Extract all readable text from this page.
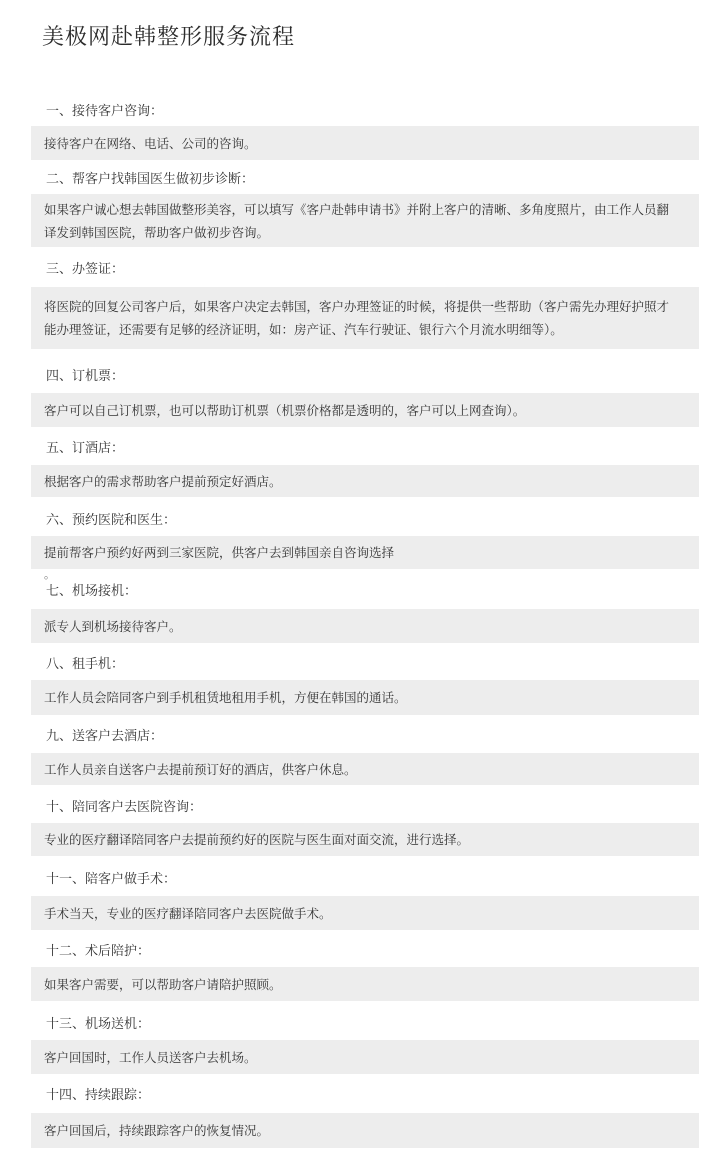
美极网赴韩整形服务流程
一、接待客户咨询：
接待客户在网络、电话、公司的咨询。
二、帮客户找韩国医生做初步诊断：
如果客户诚心想去韩国做整形美容，可以填写《客户赴韩申请书》并附上客户的清晰、多角度照片，由工作人员翻译发到韩国医院，帮助客户做初步咨询。
三、办签证：
将医院的回复公司客户后，如果客户决定去韩国，客户办理签证的时候，将提供一些帮助（客户需先办理好护照才能办理签证，还需要有足够的经济证明，如：房产证、汽车行驶证、银行六个月流水明细等）。
四、订机票：
客户可以自己订机票，也可以帮助订机票（机票价格都是透明的，客户可以上网查询）。
五、订酒店：
根据客户的需求帮助客户提前预定好酒店。
六、预约医院和医生：
提前帮客户预约好两到三家医院，供客户去到韩国亲自咨询选择
。
七、机场接机：
派专人到机场接待客户。
八、租手机：
工作人员会陪同客户到手机租赁地租用手机，方便在韩国的通话。
九、送客户去酒店：
工作人员亲自送客户去提前预订好的酒店，供客户休息。
十、陪同客户去医院咨询：
专业的医疗翻译陪同客户去提前预约好的医院与医生面对面交流，进行选择。
十一、陪客户做手术：
手术当天，专业的医疗翻译陪同客户去医院做手术。
十二、术后陪护：
如果客户需要，可以帮助客户请陪护照顾。
十三、机场送机：
客户回国时，工作人员送客户去机场。
十四、持续跟踪：
客户回国后，持续跟踪客户的恢复情况。
